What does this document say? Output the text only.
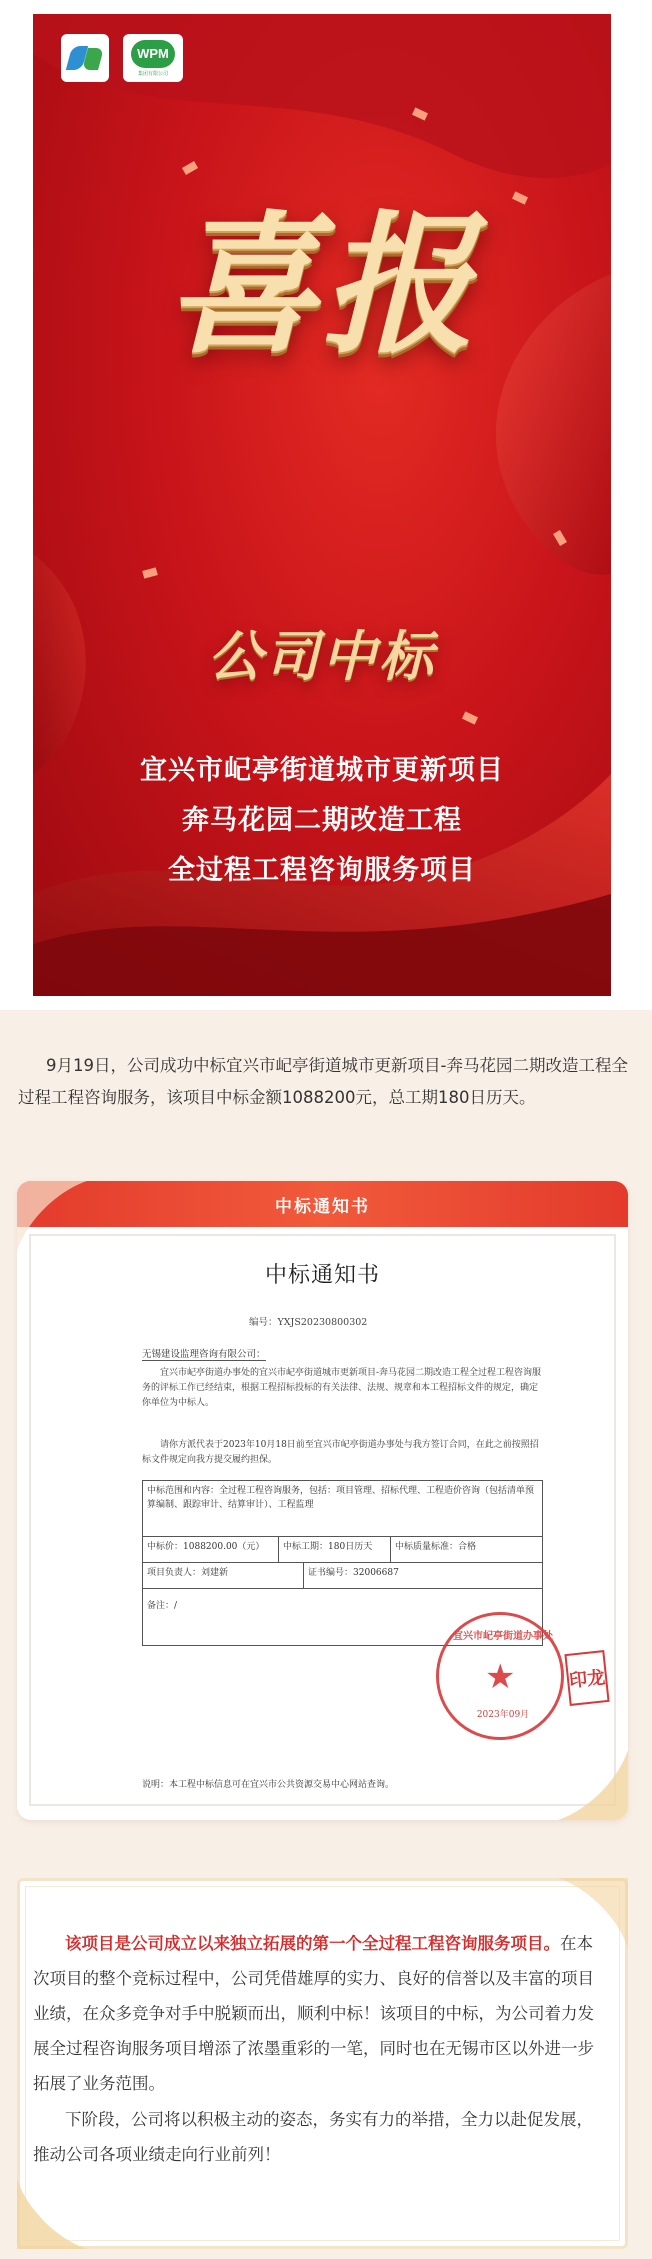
WPM
集团有限公司
喜报
公司中标
宜兴市屺亭街道城市更新项目
奔马花园二期改造工程
全过程工程咨询服务项目

9月19日，公司成功中标宜兴市屺亭街道城市更新项目-奔马花园二期改造工程全过程工程咨询服务，该项目中标金额1088200元，总工期180日历天。

中标通知书
中标通知书
编号：YXJS20230800302
无锡建设监理咨询有限公司：

宜兴市屺亭街道办事处的宜兴市屺亭街道城市更新项目-奔马花园二期改造工程全过程工程咨询服务的评标工作已经结束，根据工程招标投标的有关法律、法规、规章和本工程招标文件的规定，确定你单位为中标人。

请你方派代表于2023年10月18日前至宜兴市屺亭街道办事处与我方签订合同，在此之前按照招标文件规定向我方提交履约担保。

中标范围和内容：全过程工程咨询服务，包括：项目管理、招标代理、工程造价咨询（包括清单预算编制、跟踪审计、结算审计）、工程监理
中标价：1088200.00（元）	中标工期：180日历天	中标质量标准：合格
项目负责人：刘建新	证书编号：32006687
备注：/
宜兴市屺亭街道办事处
★
2023年09月
印龙
说明：本工程中标信息可在宜兴市公共资源交易中心网站查询。

该项目是公司成立以来独立拓展的第一个全过程工程咨询服务项目。在本次项目的整个竞标过程中，公司凭借雄厚的实力、良好的信誉以及丰富的项目业绩，在众多竞争对手中脱颖而出，顺利中标！该项目的中标，为公司着力发展全过程咨询服务项目增添了浓墨重彩的一笔，同时也在无锡市区以外进一步拓展了业务范围。

下阶段，公司将以积极主动的姿态，务实有力的举措，全力以赴促发展，推动公司各项业绩走向行业前列！
